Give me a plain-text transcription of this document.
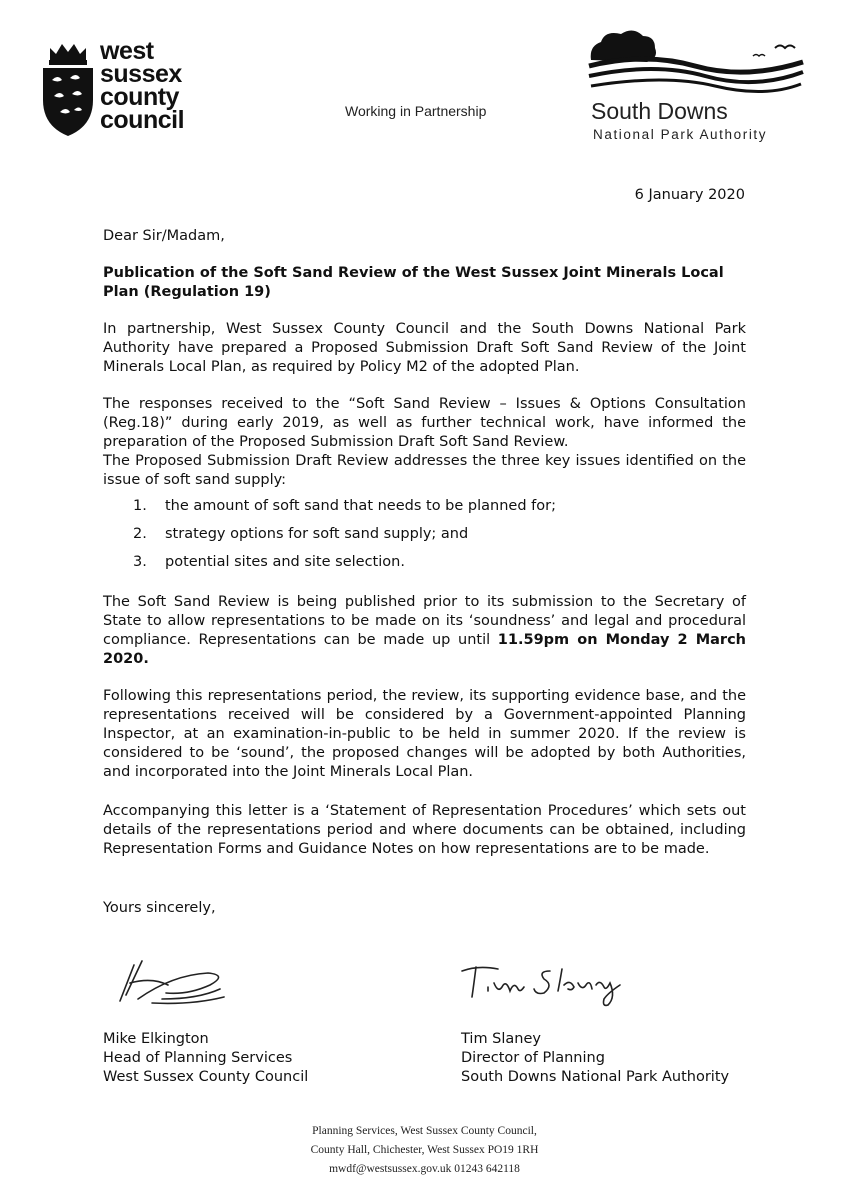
west
sussex
county
council	Working in Partnership	South Downs
National Park Authority
6 January 2020

Dear Sir/Madam,

Publication of the Soft Sand Review of the West Sussex Joint Minerals Local Plan (Regulation 19)

In partnership, West Sussex County Council and the South Downs National Park Authority have prepared a Proposed Submission Draft Soft Sand Review of the Joint Minerals Local Plan, as required by Policy M2 of the adopted Plan.

The responses received to the “Soft Sand Review – Issues & Options Consultation (Reg.18)” during early 2019, as well as further technical work, have informed the preparation of the Proposed Submission Draft Soft Sand Review.
The Proposed Submission Draft Review addresses the three key issues identified on the issue of soft sand supply:
1. the amount of soft sand that needs to be planned for;
2. strategy options for soft sand supply; and
3. potential sites and site selection.

The Soft Sand Review is being published prior to its submission to the Secretary of State to allow representations to be made on its ‘soundness’ and legal and procedural compliance. Representations can be made up until 11.59pm on Monday 2 March 2020.

Following this representations period, the review, its supporting evidence base, and the representations received will be considered by a Government-appointed Planning Inspector, at an examination-in-public to be held in summer 2020. If the review is considered to be ‘sound’, the proposed changes will be adopted by both Authorities, and incorporated into the Joint Minerals Local Plan.

Accompanying this letter is a ‘Statement of Representation Procedures’ which sets out details of the representations period and where documents can be obtained, including Representation Forms and Guidance Notes on how representations are to be made.

Yours sincerely,

Mike Elkington
Head of Planning Services
West Sussex County Council
Tim Slaney
Director of Planning
South Downs National Park Authority
Planning Services, West Sussex County Council,
County Hall, Chichester, West Sussex PO19 1RH
mwdf@westsussex.gov.uk 01243 642118
